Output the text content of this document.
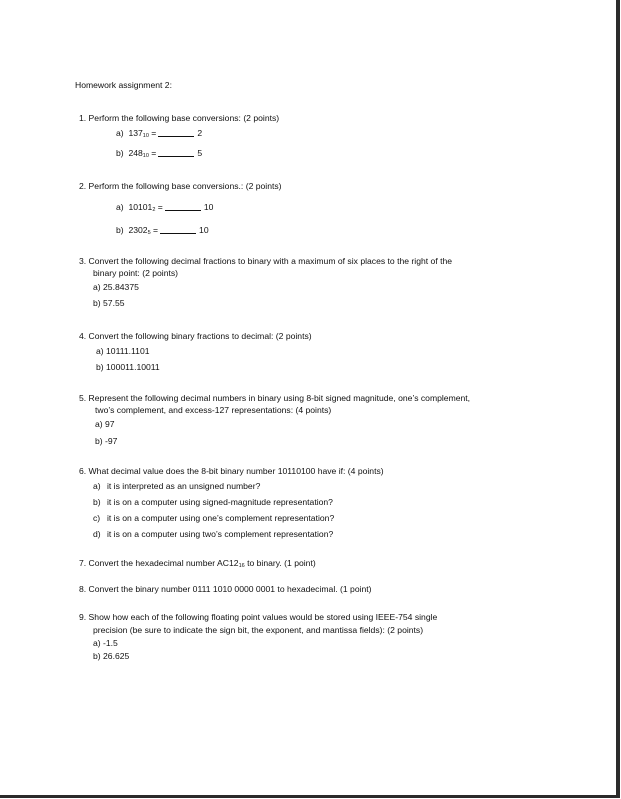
Homework assignment 2:
1. Perform the following base conversions: (2 points)
a) 13710 =	2
b) 24810 =	5
2. Perform the following base conversions.: (2 points)
a) 101012 =	10
b) 23025 =	10
3. Convert the following decimal fractions to binary with a maximum of six places to the right of the
binary point: (2 points)
a) 25.84375
b) 57.55
4. Convert the following binary fractions to decimal: (2 points)
a) 10111.1101
b) 100011.10011
5. Represent the following decimal numbers in binary using 8-bit signed magnitude, one’s complement,
two’s complement, and excess-127 representations: (4 points)
a) 97
b) -97
6. What decimal value does the 8-bit binary number 10110100 have if: (4 points)
a) it is interpreted as an unsigned number?
b) it is on a computer using signed-magnitude representation?
c) it is on a computer using one’s complement representation?
d) it is on a computer using two’s complement representation?
7. Convert the hexadecimal number AC1216 to binary. (1 point)
8. Convert the binary number 0111 1010 0000 0001 to hexadecimal. (1 point)
9. Show how each of the following floating point values would be stored using IEEE-754 single
precision (be sure to indicate the sign bit, the exponent, and mantissa fields): (2 points)
a) -1.5
b) 26.625
